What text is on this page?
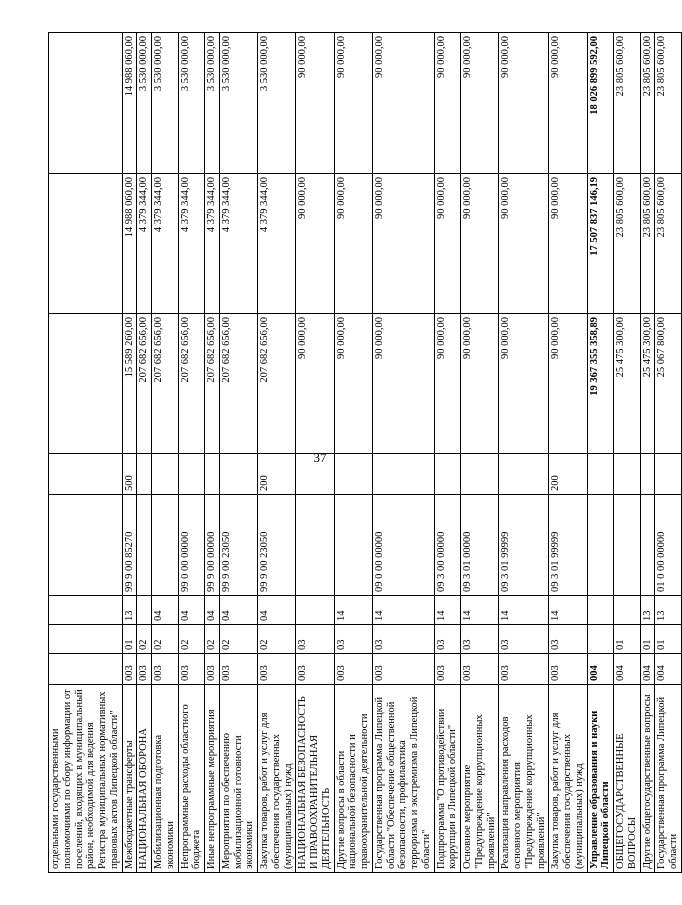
37
отдельными государственными полномочиями по сбору информации от поселений, входящих в муниципальный район, необходимой для ведения Регистра муниципальных нормативных правовых актов Липецкой области"								
Межбюджетные трансферты	003	01	13	99 9 00 85270	500	15 589 260,00	14 988 060,00	14 988 060,00
НАЦИОНАЛЬНАЯ ОБОРОНА	003	02				207 682 656,00	4 379 344,00	3 530 000,00
Мобилизационная подготовка экономики	003	02	04			207 682 656,00	4 379 344,00	3 530 000,00
Непрограммные расходы областного бюджета	003	02	04	99 0 00 00000		207 682 656,00	4 379 344,00	3 530 000,00
Иные непрограммные мероприятия	003	02	04	99 9 00 00000		207 682 656,00	4 379 344,00	3 530 000,00
Мероприятия по обеспечению мобилизационной готовности экономики	003	02	04	99 9 00 23050		207 682 656,00	4 379 344,00	3 530 000,00
Закупка товаров, работ и услуг для обеспечения государственных (муниципальных) нужд	003	02	04	99 9 00 23050	200	207 682 656,00	4 379 344,00	3 530 000,00
НАЦИОНАЛЬНАЯ БЕЗОПАСНОСТЬ И ПРАВООХРАНИТЕЛЬНАЯ ДЕЯТЕЛЬНОСТЬ	003	03				90 000,00	90 000,00	90 000,00
Другие вопросы в области национальной безопасности и правоохранительной деятельности	003	03	14			90 000,00	90 000,00	90 000,00
Государственная программа Липецкой области "Обеспечение общественной безопасности, профилактика терроризма и экстремизма в Липецкой области"	003	03	14	09 0 00 00000		90 000,00	90 000,00	90 000,00
Подпрограмма "О противодействии коррупции в Липецкой области"	003	03	14	09 3 00 00000		90 000,00	90 000,00	90 000,00
Основное мероприятие "Предупреждение коррупционных проявлений"	003	03	14	09 3 01 00000		90 000,00	90 000,00	90 000,00
Реализация направления расходов основного мероприятия "Предупреждение коррупционных проявлений"	003	03	14	09 3 01 99999		90 000,00	90 000,00	90 000,00
Закупка товаров, работ и услуг для обеспечения государственных (муниципальных) нужд	003	03	14	09 3 01 99999	200	90 000,00	90 000,00	90 000,00
Управление образования и науки Липецкой области	004					19 367 355 358,89	17 507 837 146,19	18 026 899 592,00
ОБЩЕГОСУДАРСТВЕННЫЕ ВОПРОСЫ	004	01				25 475 300,00	23 805 600,00	23 805 600,00
Другие общегосударственные вопросы	004	01	13			25 475 300,00	23 805 600,00	23 805 600,00
Государственная программа Липецкой области	004	01	13	01 0 00 00000		25 067 800,00	23 805 600,00	23 805 600,00
